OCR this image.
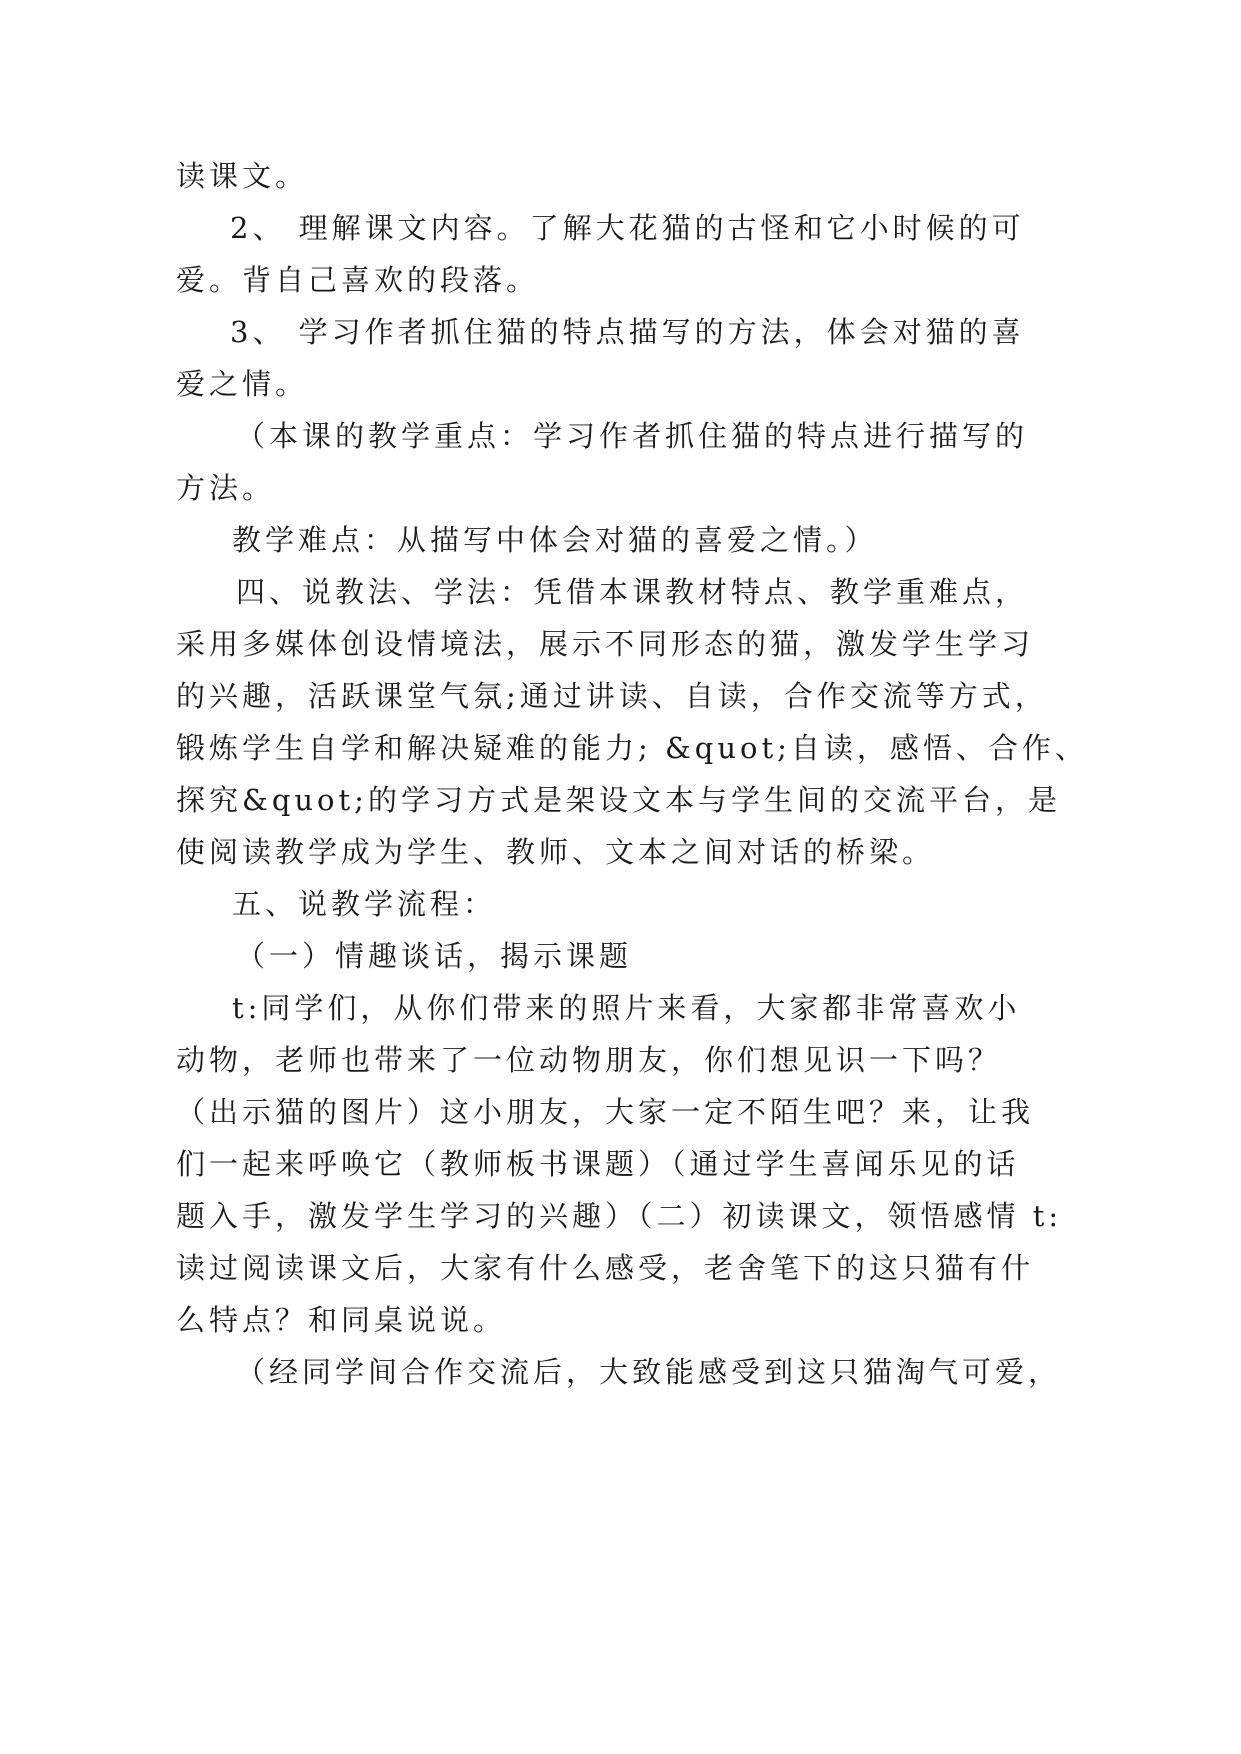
读课文。
2、 理解课文内容。了解大花猫的古怪和它小时候的可
爱。背自己喜欢的段落。
3、 学习作者抓住猫的特点描写的方法，体会对猫的喜
爱之情。
（本课的教学重点：学习作者抓住猫的特点进行描写的
方法。
教学难点：从描写中体会对猫的喜爱之情。）
四、说教法、学法：凭借本课教材特点、教学重难点，
采用多媒体创设情境法，展示不同形态的猫，激发学生学习
的兴趣，活跃课堂气氛;通过讲读、自读，合作交流等方式，
锻炼学生自学和解决疑难的能力; &quot;自读，感悟、合作、
探究&quot;的学习方式是架设文本与学生间的交流平台，是
使阅读教学成为学生、教师、文本之间对话的桥梁。
五、说教学流程：
（一）情趣谈话，揭示课题
t:同学们，从你们带来的照片来看，大家都非常喜欢小
动物，老师也带来了一位动物朋友，你们想见识一下吗？
（出示猫的图片）这小朋友，大家一定不陌生吧？来，让我
们一起来呼唤它（教师板书课题）（通过学生喜闻乐见的话
题入手，激发学生学习的兴趣）（二）初读课文，领悟感情 t:
读过阅读课文后，大家有什么感受，老舍笔下的这只猫有什
么特点？和同桌说说。
（经同学间合作交流后，大致能感受到这只猫淘气可爱，
